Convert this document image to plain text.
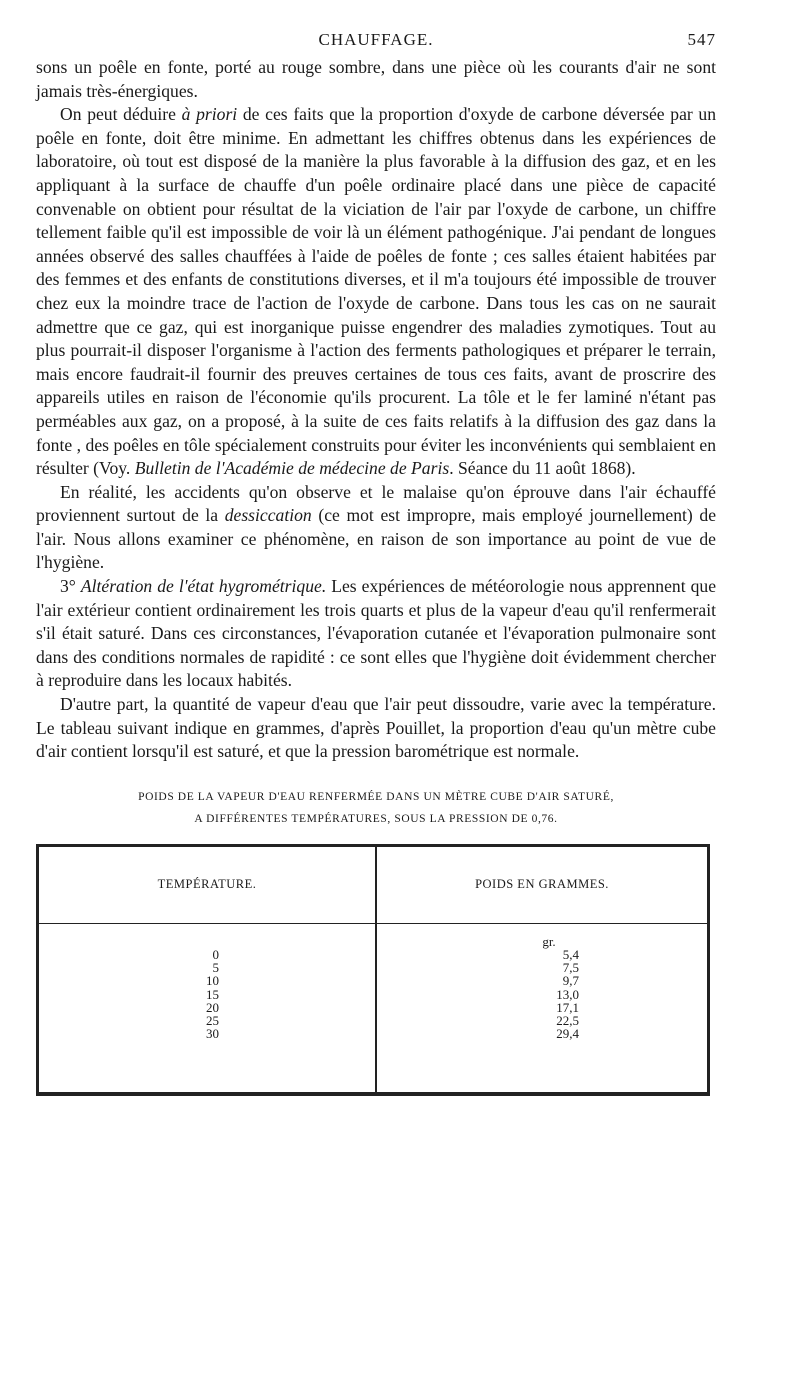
CHAUFFAGE.	547

sons un poêle en fonte, porté au rouge sombre, dans une pièce où les courants d'air ne sont jamais très-énergiques.

On peut déduire à priori de ces faits que la proportion d'oxyde de carbone déversée par un poêle en fonte, doit être minime. En admettant les chiffres obtenus dans les expériences de laboratoire, où tout est disposé de la manière la plus favorable à la diffusion des gaz, et en les appliquant à la surface de chauffe d'un poêle ordinaire placé dans une pièce de capacité convenable on obtient pour résultat de la viciation de l'air par l'oxyde de carbone, un chiffre tellement faible qu'il est impossible de voir là un élément pathogénique. J'ai pendant de longues années observé des salles chauffées à l'aide de poêles de fonte ; ces salles étaient habitées par des femmes et des enfants de constitutions diverses, et il m'a toujours été impossible de trouver chez eux la moindre trace de l'action de l'oxyde de carbone. Dans tous les cas on ne saurait admettre que ce gaz, qui est inorganique puisse engendrer des maladies zymotiques. Tout au plus pourrait-il disposer l'organisme à l'action des ferments pathologiques et préparer le terrain, mais encore faudrait-il fournir des preuves certaines de tous ces faits, avant de proscrire des appareils utiles en raison de l'économie qu'ils procurent. La tôle et le fer laminé n'étant pas perméables aux gaz, on a proposé, à la suite de ces faits relatifs à la diffusion des gaz dans la fonte , des poêles en tôle spécialement construits pour éviter les inconvénients qui semblaient en résulter (Voy. Bulletin de l'Académie de médecine de Paris. Séance du 11 août 1868).

En réalité, les accidents qu'on observe et le malaise qu'on éprouve dans l'air échauffé proviennent surtout de la dessiccation (ce mot est impropre, mais employé journellement) de l'air. Nous allons examiner ce phénomène, en raison de son importance au point de vue de l'hygiène.

3° Altération de l'état hygrométrique. Les expériences de météorologie nous apprennent que l'air extérieur contient ordinairement les trois quarts et plus de la vapeur d'eau qu'il renfermerait s'il était saturé. Dans ces circonstances, l'évaporation cutanée et l'évaporation pulmonaire sont dans des conditions normales de rapidité : ce sont elles que l'hygiène doit évidemment chercher à reproduire dans les locaux habités.

D'autre part, la quantité de vapeur d'eau que l'air peut dissoudre, varie avec la température. Le tableau suivant indique en grammes, d'après Pouillet, la proportion d'eau qu'un mètre cube d'air contient lorsqu'il est saturé, et que la pression barométrique est normale.

POIDS DE LA VAPEUR D'EAU RENFERMÉE DANS UN MÈTRE CUBE D'AIR SATURÉ,
A DIFFÉRENTES TEMPÉRATURES, SOUS LA PRESSION DE 0,76.
TEMPÉRATURE.	POIDS EN GRAMMES.
0
5
10
15
20
25
30
gr.
5,4
7,5
9,7
13,0
17,1
22,5
29,4
